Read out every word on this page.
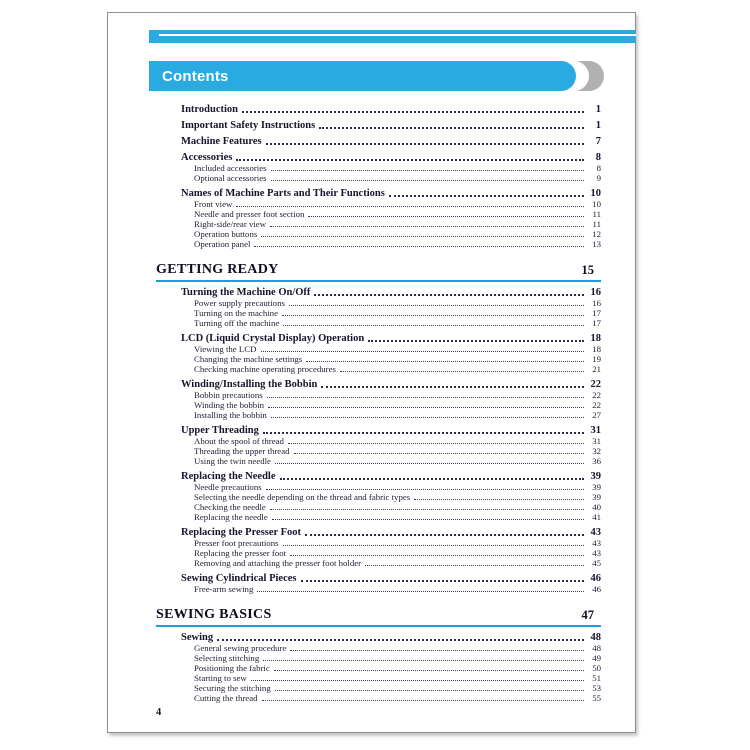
Contents
Introduction	1
Important Safety Instructions	1
Machine Features	7
Accessories	8
Included accessories	8
Optional accessories	9
Names of Machine Parts and Their Functions	10
Front view	10
Needle and presser foot section	11
Right-side/rear view	11
Operation buttons	12
Operation panel	13
GETTING READY	15
Turning the Machine On/Off	16
Power supply precautions	16
Turning on the machine	17
Turning off the machine	17
LCD (Liquid Crystal Display) Operation	18
Viewing the LCD	18
Changing the machine settings	19
Checking machine operating procedures	21
Winding/Installing the Bobbin	22
Bobbin precautions	22
Winding the bobbin	22
Installing the bobbin	27
Upper Threading	31
About the spool of thread	31
Threading the upper thread	32
Using the twin needle	36
Replacing the Needle	39
Needle precautions	39
Selecting the needle depending on the thread and fabric types	39
Checking the needle	40
Replacing the needle	41
Replacing the Presser Foot	43
Presser foot precautions	43
Replacing the presser foot	43
Removing and attaching the presser foot holder	45
Sewing Cylindrical Pieces	46
Free-arm sewing	46
SEWING BASICS	47
Sewing	48
General sewing procedure	48
Selecting stitching	49
Positioning the fabric	50
Starting to sew	51
Securing the stitching	53
Cutting the thread	55
4
